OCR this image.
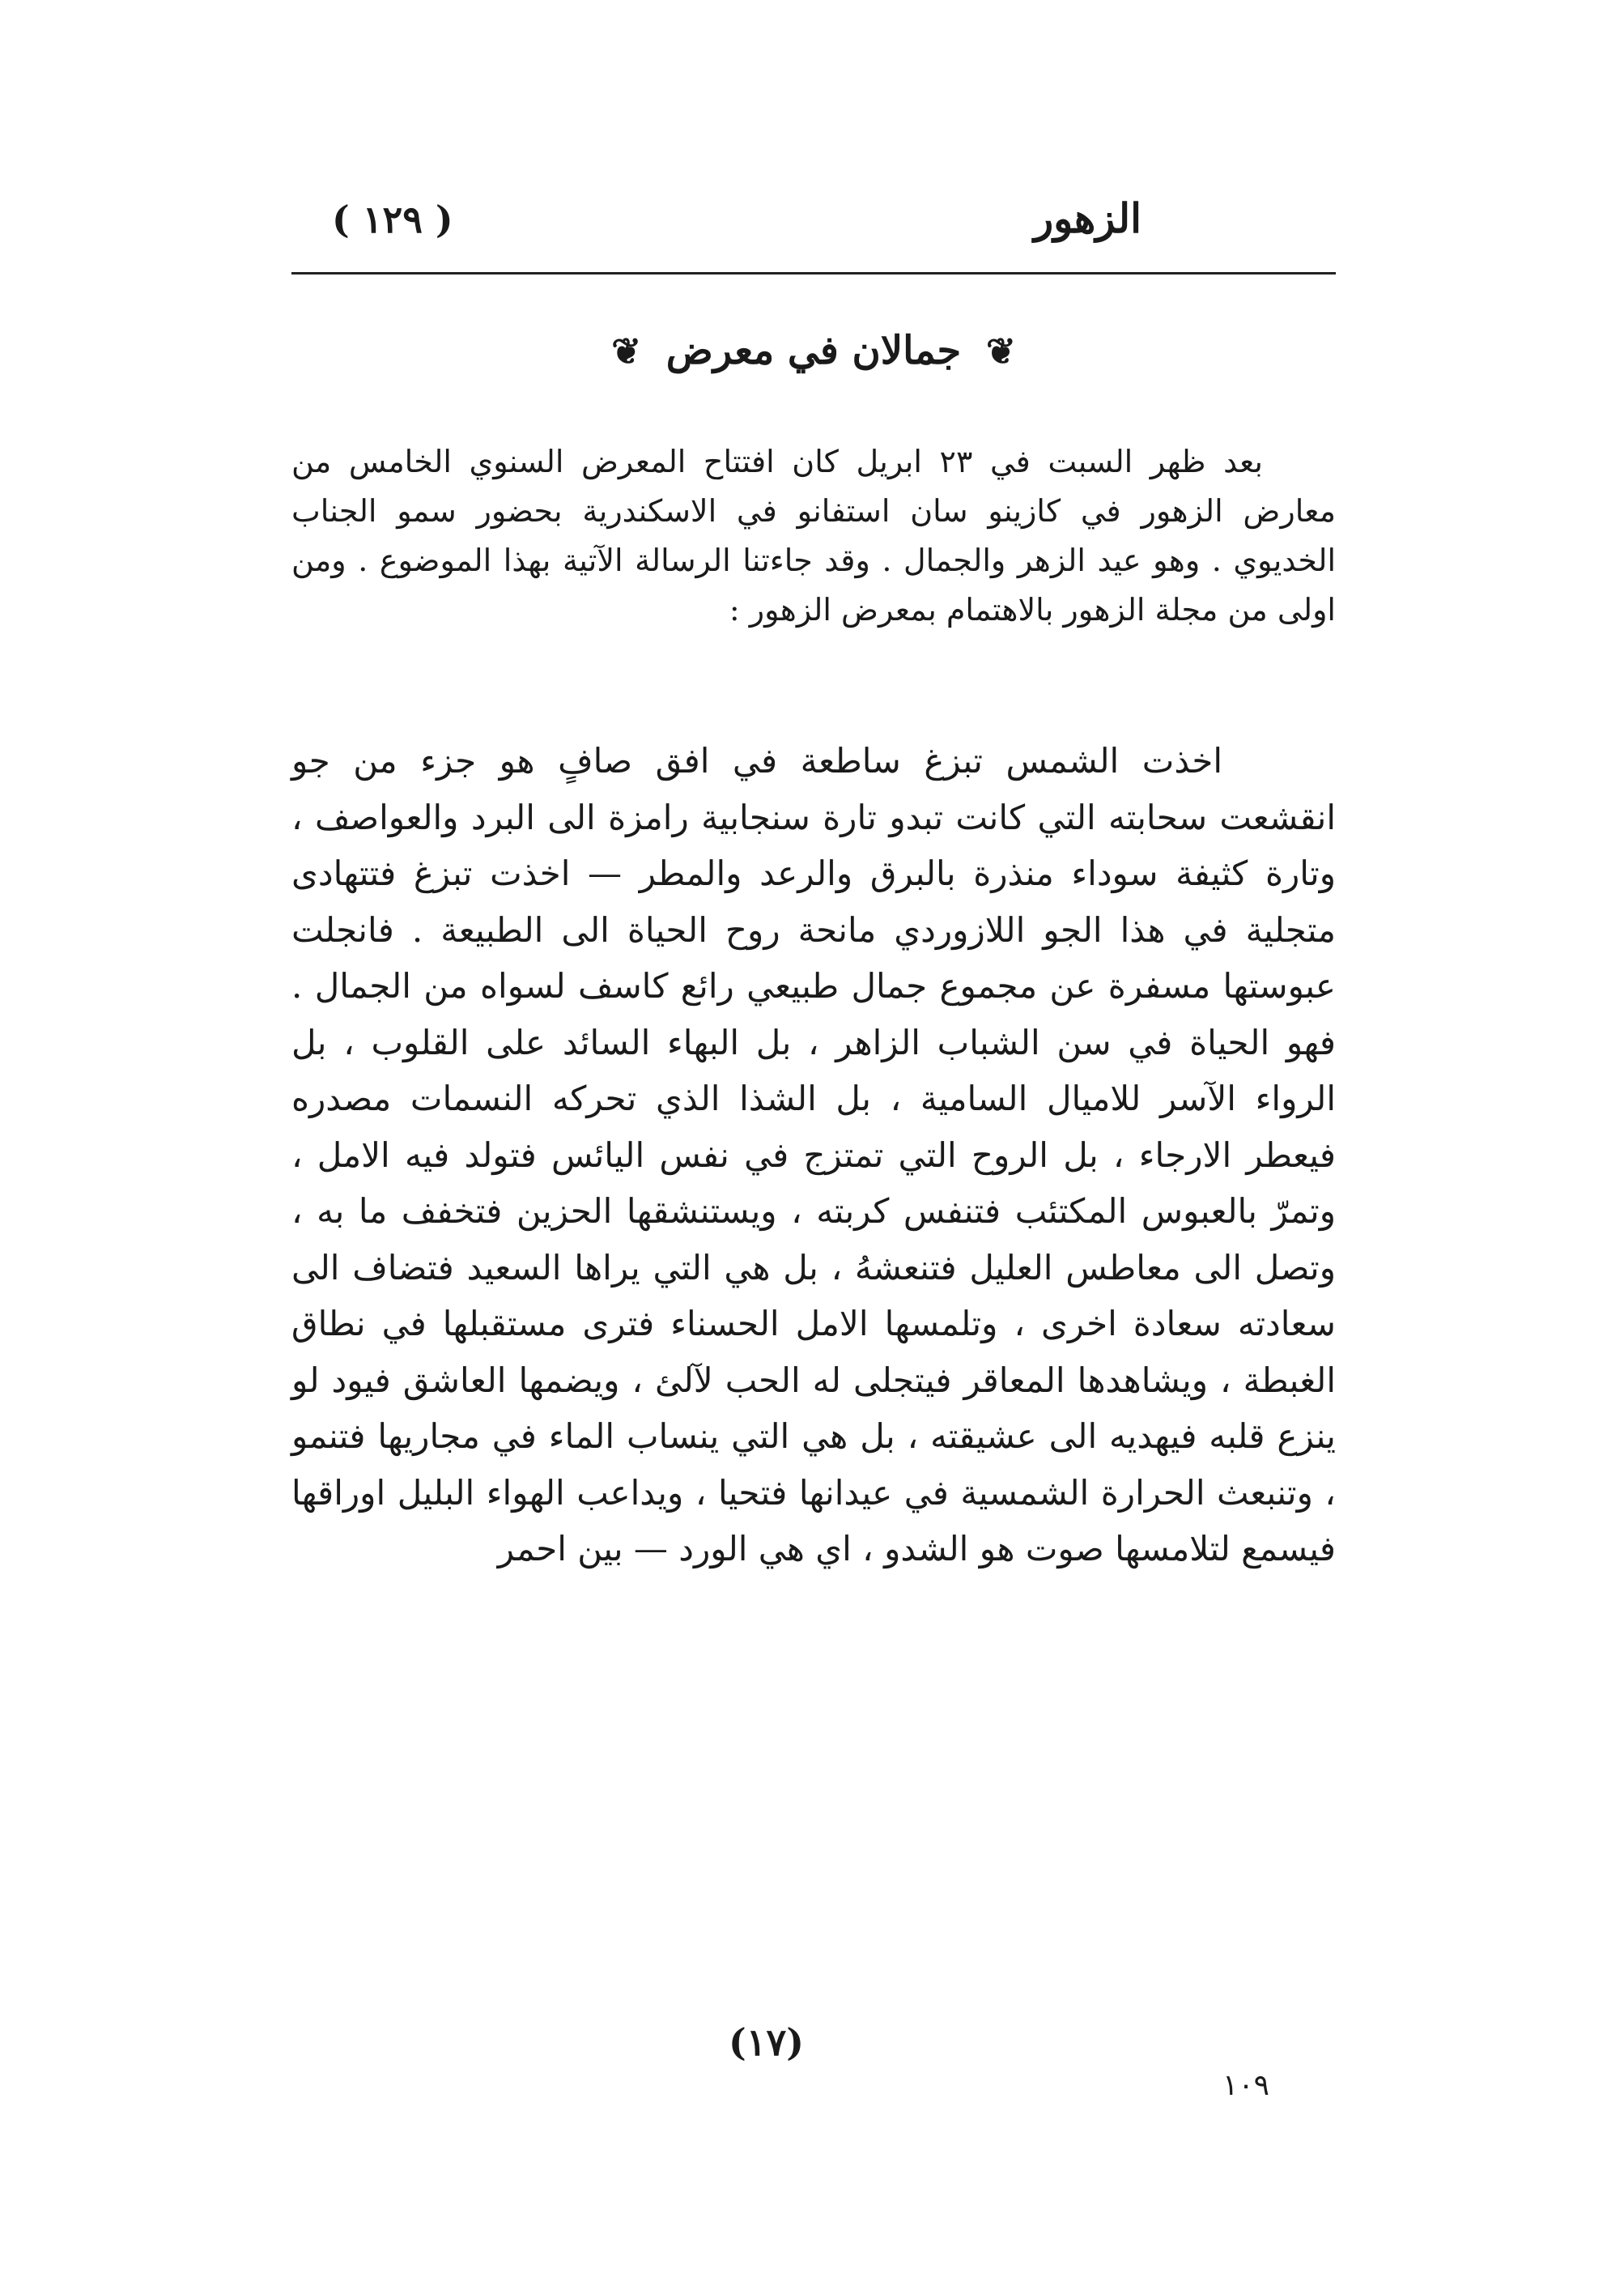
الزهور
( ١٢٩ )
❦ جمالان في معرض ❦

بعد ظهر السبت في ٢٣ ابريل كان افتتاح المعرض السنوي الخامس من معارض الزهور في كازينو سان استفانو في الاسكندرية بحضور سمو الجناب الخديوي . وهو عيد الزهر والجمال . وقد جاءتنا الرسالة الآتية بهذا الموضوع . ومن اولى من مجلة الزهور بالاهتمام بمعرض الزهور :

اخذت الشمس تبزغ ساطعة في افق صافٍ هو جزء من جو انقشعت سحابته التي كانت تبدو تارة سنجابية رامزة الى البرد والعواصف ، وتارة كثيفة سوداء منذرة بالبرق والرعد والمطر — اخذت تبزغ فتتهادى متجلية في هذا الجو اللازوردي مانحة روح الحياة الى الطبيعة . فانجلت عبوستها مسفرة عن مجموع جمال طبيعي رائع كاسف لسواه من الجمال . فهو الحياة في سن الشباب الزاهر ، بل البهاء السائد على القلوب ، بل الرواء الآسر للاميال السامية ، بل الشذا الذي تحركه النسمات مصدره فيعطر الارجاء ، بل الروح التي تمتزج في نفس اليائس فتولد فيه الامل ، وتمرّ بالعبوس المكتئب فتنفس كربته ، ويستنشقها الحزين فتخفف ما به ، وتصل الى معاطس العليل فتنعشهُ ، بل هي التي يراها السعيد فتضاف الى سعادته سعادة اخرى ، وتلمسها الامل الحسناء فترى مستقبلها في نطاق الغبطة ، ويشاهدها المعاقر فيتجلى له الحب لآلئ ، ويضمها العاشق فيود لو ينزع قلبه فيهديه الى عشيقته ، بل هي التي ينساب الماء في مجاريها فتنمو ، وتنبعث الحرارة الشمسية في عيدانها فتحيا ، ويداعب الهواء البليل اوراقها فيسمع لتلامسها صوت هو الشدو ، اي هي الورد — بين احمر

(١٧)
١٠٩
